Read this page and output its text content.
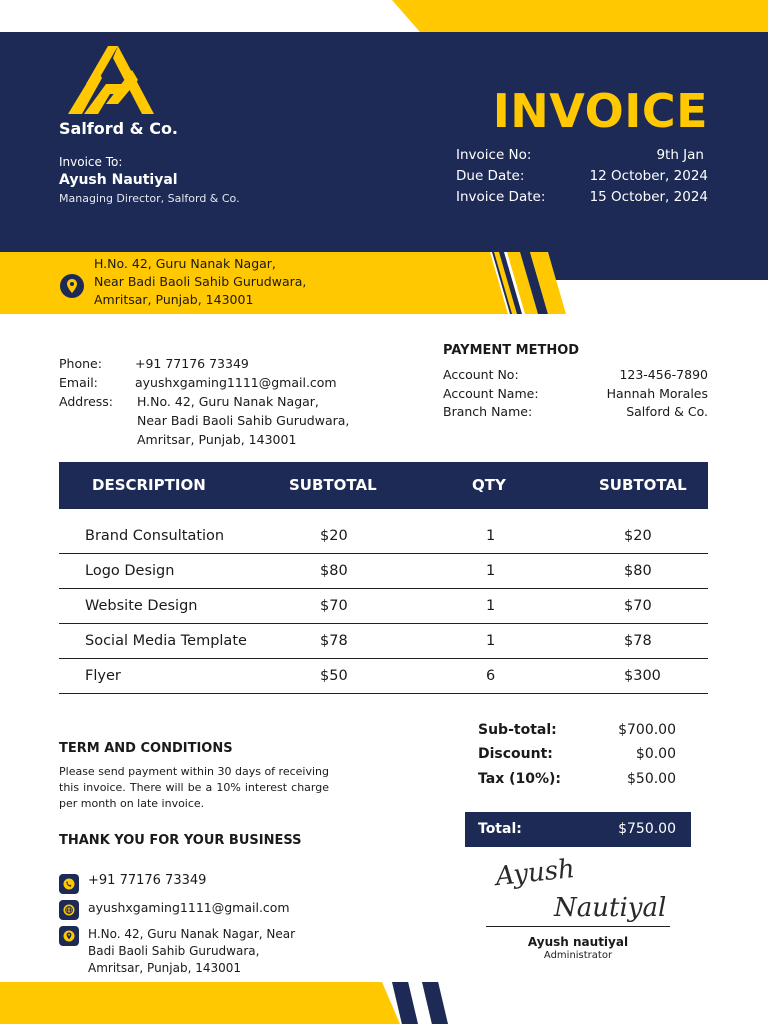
Salford & Co.
Invoice To:
Ayush Nautiyal
Managing Director, Salford & Co.
INVOICE
Invoice No:	9th Jan
Due Date:	12 October, 2024
Invoice Date:	15 October, 2024
H.No. 42, Guru Nanak Nagar,
Near Badi Baoli Sahib Gurudwara,
Amritsar, Punjab, 143001
Phone:	+91 77176 73349
Email:	ayushxgaming1111@gmail.com
Address:	H.No. 42, Guru Nanak Nagar,
Near Badi Baoli Sahib Gurudwara,
Amritsar, Punjab, 143001
PAYMENT METHOD
Account No:	123-456-7890
Account Name:	Hannah Morales
Branch Name:	Salford & Co.
DESCRIPTION	SUBTOTAL	QTY	SUBTOTAL
Brand Consultation	$20	1	$20
Logo Design	$80	1	$80
Website Design	$70	1	$70
Social Media Template	$78	1	$78
Flyer	$50	6	$300
Sub-total:	$700.00
Discount:	$0.00
Tax (10%):	$50.00
Total:	$750.00
TERM AND CONDITIONS
Please send payment within 30 days of receiving this invoice. There will be a 10% interest charge per month on late invoice.
THANK YOU FOR YOUR BUSINESS
+91 77176 73349
ayushxgaming1111@gmail.com
H.No. 42, Guru Nanak Nagar, Near
Badi Baoli Sahib Gurudwara,
Amritsar, Punjab, 143001
Ayush
Nautiyal
Ayush nautiyal
Administrator
